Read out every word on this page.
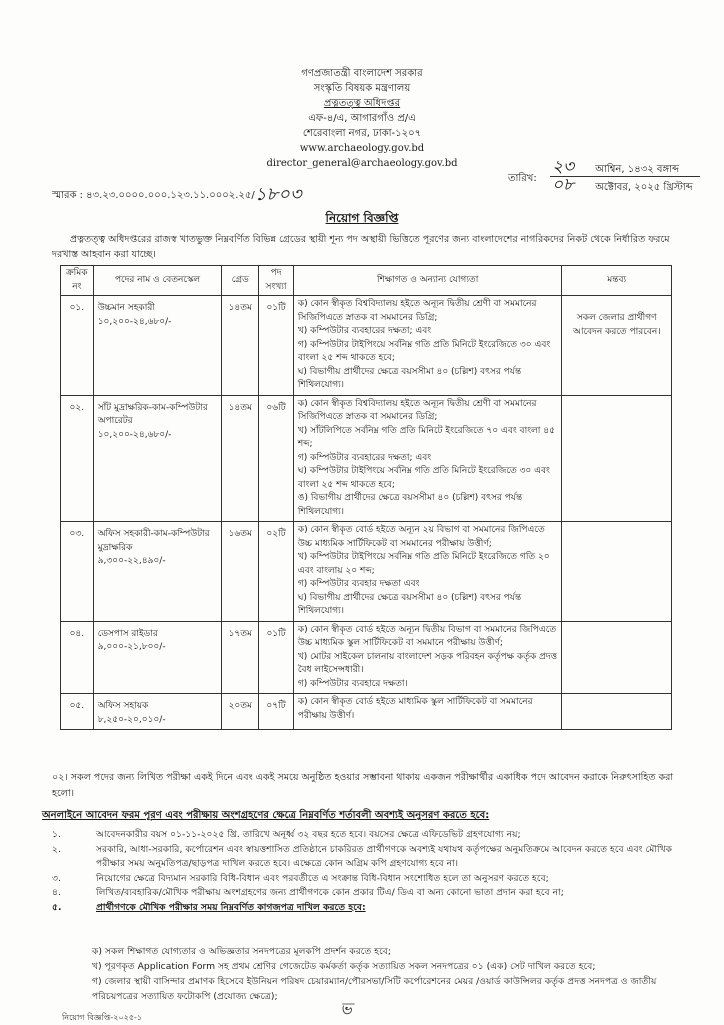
গণপ্রজাতন্ত্রী বাংলাদেশ সরকার
সংস্কৃতি বিষয়ক মন্ত্রণালয়
প্রত্নতত্ত্ব অধিদপ্তর
এফ-৪/এ, আগারগাঁও প্র/এ
শেরেবাংলা নগর, ঢাকা-১২০৭
www.archaeology.gov.bd
director_general@archaeology.gov.bd
স্মারক : ৪৩.২৩.০০০০.০০০.১২৩.১১.০০০২.২৫/১৮০৩
তারিখ:
২৩ আশ্বিন, ১৪৩২ বঙ্গাব্দ
০৮ অক্টোবর, ২০২৫ খ্রিস্টাব্দ
নিয়োগ বিজ্ঞপ্তি
প্রত্নতত্ত্ব অধিদপ্তরের রাজস্ব খাতভুক্ত নিম্নবর্ণিত বিভিন্ন গ্রেডের স্থায়ী শূন্য পদ অস্থায়ী ভিত্তিতে পূরণের জন্য বাংলাদেশের নাগরিকদের নিকট থেকে নির্ধারিত ফরমে দরখাস্ত আহবান করা যাচ্ছে।
ক্রমিক নং	পদের নাম ও বেতনস্কেল	গ্রেড	পদ সংখ্যা	শিক্ষাগত ও অন্যান্য যোগ্যতা	মন্তব্য
০১.	উচ্চমান সহকারী
১০,২০০-২৪,৬৮০/-	১৪তম	০১টি	ক) কোন স্বীকৃত বিশ্ববিদ্যালয় হইতে অন্যূন দ্বিতীয় শ্রেণী বা সমমানের সিজিপিএতে স্নাতক বা সমমানের ডিগ্রি;
খ) কম্পিউটার ব্যবহারের দক্ষতা; এবং
গ) কম্পিউটার টাইপিংয়ে সর্বনিম্ন গতি প্রতি মিনিটে ইংরেজিতে ৩০ এবং বাংলা ২৫ শব্দ থাকতে হবে;
ঘ) বিভাগীয় প্রার্থীদের ক্ষেত্রে বয়সসীমা ৪০ (চল্লিশ) বৎসর পর্যন্ত শিথিলযোগ্য।	সকল জেলার প্রার্থীগণ আবেদন করতে পারবেন।

০২.	সাঁট মুদ্রাক্ষরিক-কাম-কম্পিউটার অপারেটর
১০,২০০-২৪,৬৮০/-	১৪তম	০৬টি	ক) কোন স্বীকৃত বিশ্ববিদ্যালয় হইতে অন্যূন দ্বিতীয় শ্রেণী বা সমমানের সিজিপিএতে স্নাতক বা সমমানের ডিগ্রি;
খ) সাঁটলিপিতে সর্বনিম্ন গতি প্রতি মিনিটে ইংরেজিতে ৭০ এবং বাংলা ৪৫ শব্দ;
গ) কম্পিউটার ব্যবহারের দক্ষতা; এবং
ঘ) কম্পিউটার টাইপিংয়ে সর্বনিম্ন গতি প্রতি মিনিটে ইংরেজিতে ৩০ এবং বাংলা ২৫ শব্দ থাকতে হবে;
ঙ) বিভাগীয় প্রার্থীদের ক্ষেত্রে বয়সসীমা ৪০ (চল্লিশ) বৎসর পর্যন্ত শিথিলযোগ্য।	

০৩.	অফিস সহকারী-কাম-কম্পিউটার মুদ্রাক্ষরিক
৯,৩০০-২২,৪৯০/-	১৬তম	০২টি	ক) কোন স্বীকৃত বোর্ড হইতে অন্যূন ২য় বিভাগ বা সমমানের জিপিএতে উচ্চ মাধ্যমিক সার্টিফিকেট বা সমমানের পরীক্ষায় উত্তীর্ণ;
খ) কম্পিউটার টাইপিংয়ে সর্বনিম্ন গতি প্রতি মিনিটে ইংরেজিতে গতি ২০ এবং বাংলায় ২০ শব্দ;
গ) কম্পিউটার ব্যবহার দক্ষতা এবং
ঘ) বিভাগীয় প্রার্থীদের ক্ষেত্রে বয়সসীমা ৪০ (চল্লিশ) বৎসর পর্যন্ত শিথিলযোগ্য।	

০৪.	ডেসপাস রাইডার
৯,০০০-২১,৮০০/-	১৭তম	০১টি	ক) কোন স্বীকৃত বোর্ড হইতে অন্যূন দ্বিতীয় বিভাগ বা সমমানের জিপিএতে উচ্চ মাধ্যমিক স্কুল সার্টিফিকেট বা সমমানে পরীক্ষায় উত্তীর্ণ;
খ) মোটর সাইকেল চালনায় বাংলাদেশ সড়ক পরিবহন কর্তৃপক্ষ কর্তৃক প্রদত্ত বৈধ লাইসেন্সধারী।
গ) কম্পিউটার ব্যবহারে দক্ষতা।	

০৫.	অফিস সহায়ক
৮,২৫০-২০,০১০/-	২০তম	০৭টি	ক) কোন স্বীকৃত বোর্ড হইতে মাধ্যমিক স্কুল সার্টিফিকেট বা সমমানের পরীক্ষায় উত্তীর্ণ।	

০২। সকল পদের জন্য লিখিত পরীক্ষা একই দিনে এবং একই সময়ে অনুষ্ঠিত হওয়ার সম্ভাবনা থাকায় একজন পরীক্ষার্থীর একাধিক পদে আবেদন করাকে নিরুৎসাহিত করা হলো।
অনলাইনে আবেদন ফরম পূরণ এবং পরীক্ষায় অংশগ্রহণের ক্ষেত্রে নিম্নবর্ণিত শর্তাবলী অবশ্যই অনুসরণ করতে হবে:
১.	আবেদনকারীর বয়স ০১-১১-২০২৫ খ্রি. তারিখে অনূর্ধ্ব ৩২ বছর হতে হবে। বয়সের ক্ষেত্রে এফিডেভিট গ্রহণযোগ্য নয়;
২.	সরকারি, আধা-সরকারি, কর্পোরেশন এবং স্বায়ত্তশাসিত প্রতিষ্ঠানে চাকরিরত প্রার্থীগণকে অবশ্যই যথাযথ কর্তৃপক্ষের অনুমতিক্রমে আবেদন করতে হবে এবং মৌখিক পরীক্ষার সময় অনুমতিপত্র/ছাড়পত্র দাখিল করতে হবে। এক্ষেত্রে কোন অগ্রিম কপি গ্রহণযোগ্য হবে না।
৩.	নিয়োগের ক্ষেত্রে বিদ্যমান সরকারি বিধি-বিধান এবং পরবর্তীতে এ সংক্রান্ত বিধি-বিধান সংশোধিত হলে তা অনুসরণ করতে হবে;
৪.	লিখিত/ব্যবহারিক/মৌখিক পরীক্ষায় অংশগ্রহণের জন্য প্রার্থীগণকে কোন প্রকার টিএ/ ডিএ বা অন্য কোনো ভাতা প্রদান করা হবে না;
৫.	প্রার্থীগণকে মৌখিক পরীক্ষার সময় নিম্নবর্ণিত কাগজপত্র দাখিল করতে হবে:
ক) সকল শিক্ষাগত যোগ্যতার ও অভিজ্ঞতার সনদপত্রের মূলকপি প্রদর্শন করতে হবে;
খ) পূরণকৃত Application Form সহ প্রথম শ্রেণির গেজেটেড কর্মকর্তা কর্তৃক সত্যায়িত সকল সনদপত্রের ০১ (এক) সেট দাখিল করতে হবে;
গ) জেলার স্থায়ী বাসিন্দার প্রমাণক হিসেবে ইউনিয়ন পরিষদ চেয়ারম্যান/পৌরসভা/সিটি কর্পোরেশনের মেয়র /ওয়ার্ড কাউন্সিলর কর্তৃক প্রদত্ত সনদপত্র ও জাতীয় পরিচয়পত্রের সত্যায়িত ফটোকপি (প্রযোজ্য ক্ষেত্রে);
ভ
নিয়োগ বিজ্ঞপ্তি-২০২৫-১
